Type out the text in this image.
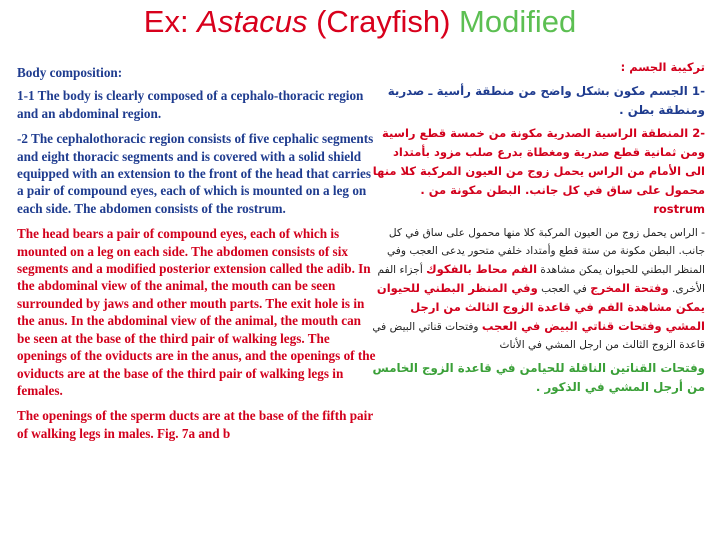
Ex: Astacus (Crayfish) Modified

Body composition:

1-1 The body is clearly composed of a cephalo-thoracic region and an abdominal region.

-2 The cephalothoracic region consists of five cephalic segments and eight thoracic segments and is covered with a solid shield equipped with an extension to the front of the head that carries a pair of compound eyes, each of which is mounted on a leg on each side. The abdomen consists of the rostrum.

The head bears a pair of compound eyes, each of which is mounted on a leg on each side. The abdomen consists of six segments and a modified posterior extension called the adib. In the abdominal view of the animal, the mouth can be seen surrounded by jaws and other mouth parts. The exit hole is in the anus. In the abdominal view of the animal, the mouth can be seen at the base of the third pair of walking legs. The openings of the oviducts are in the anus, and the openings of the oviducts are at the base of the third pair of walking legs in females.

The openings of the sperm ducts are at the base of the fifth pair of walking legs in males. Fig. 7a and b

تركيبة الجسم :

-1 الجسم مكون بشكل واضح من منطقة رأسية ـ صدرية ومنطقة بطن .

-2 المنطقة الراسية الصدرية مكونة من خمسة قطع راسية ومن ثمانية قطع صدرية ومغطاة بدرع صلب مزود بأمتداد الى الأمام من الراس يحمل زوج من العيون المركبة كلا منها محمول على ساق في كل جانب. البطن مكونة من . rostrum

- الراس يحمل زوج من العيون المركبة كلا منها محمول على ساق في كل جانب. البطن مكونة من ستة قطع وأمتداد خلفي متحور يدعى العجب وفي المنظر البطني للحيوان يمكن مشاهدة الفم محاط بالفكوك أجزاء الفم الأخرى. وفتحة المخرج في العجب وفي المنظر البطني للحيوان يمكن مشاهدة الفم في قاعدة الزوج الثالث من ارجل المشي وفتحات قناتي البيض في العجب وفتحات قناتي البيض في قاعدة الزوج الثالث من ارجل المشي في الأناث

وفتحات القناتين الناقلة للحيامن في قاعدة الزوج الخامس من أرجل المشي في الذكور .
